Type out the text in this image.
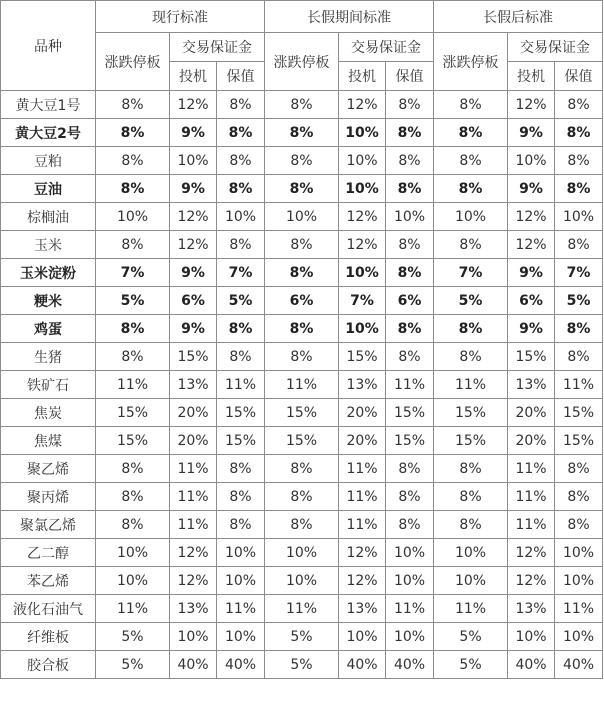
品种	现行标准			长假期间标准			长假后标准		
	涨跌停板	交易保证金		涨跌停板	交易保证金		涨跌停板	交易保证金	
		投机	保值		投机	保值		投机	保值
黄大豆1号	8%	12%	8%	8%	12%	8%	8%	12%	8%
黄大豆2号	8%	9%	8%	8%	10%	8%	8%	9%	8%
豆粕	8%	10%	8%	8%	10%	8%	8%	10%	8%
豆油	8%	9%	8%	8%	10%	8%	8%	9%	8%
棕榈油	10%	12%	10%	10%	12%	10%	10%	12%	10%
玉米	8%	12%	8%	8%	12%	8%	8%	12%	8%
玉米淀粉	7%	9%	7%	8%	10%	8%	7%	9%	7%
粳米	5%	6%	5%	6%	7%	6%	5%	6%	5%
鸡蛋	8%	9%	8%	8%	10%	8%	8%	9%	8%
生猪	8%	15%	8%	8%	15%	8%	8%	15%	8%
铁矿石	11%	13%	11%	11%	13%	11%	11%	13%	11%
焦炭	15%	20%	15%	15%	20%	15%	15%	20%	15%
焦煤	15%	20%	15%	15%	20%	15%	15%	20%	15%
聚乙烯	8%	11%	8%	8%	11%	8%	8%	11%	8%
聚丙烯	8%	11%	8%	8%	11%	8%	8%	11%	8%
聚氯乙烯	8%	11%	8%	8%	11%	8%	8%	11%	8%
乙二醇	10%	12%	10%	10%	12%	10%	10%	12%	10%
苯乙烯	10%	12%	10%	10%	12%	10%	10%	12%	10%
液化石油气	11%	13%	11%	11%	13%	11%	11%	13%	11%
纤维板	5%	10%	10%	5%	10%	10%	5%	10%	10%
胶合板	5%	40%	40%	5%	40%	40%	5%	40%	40%
